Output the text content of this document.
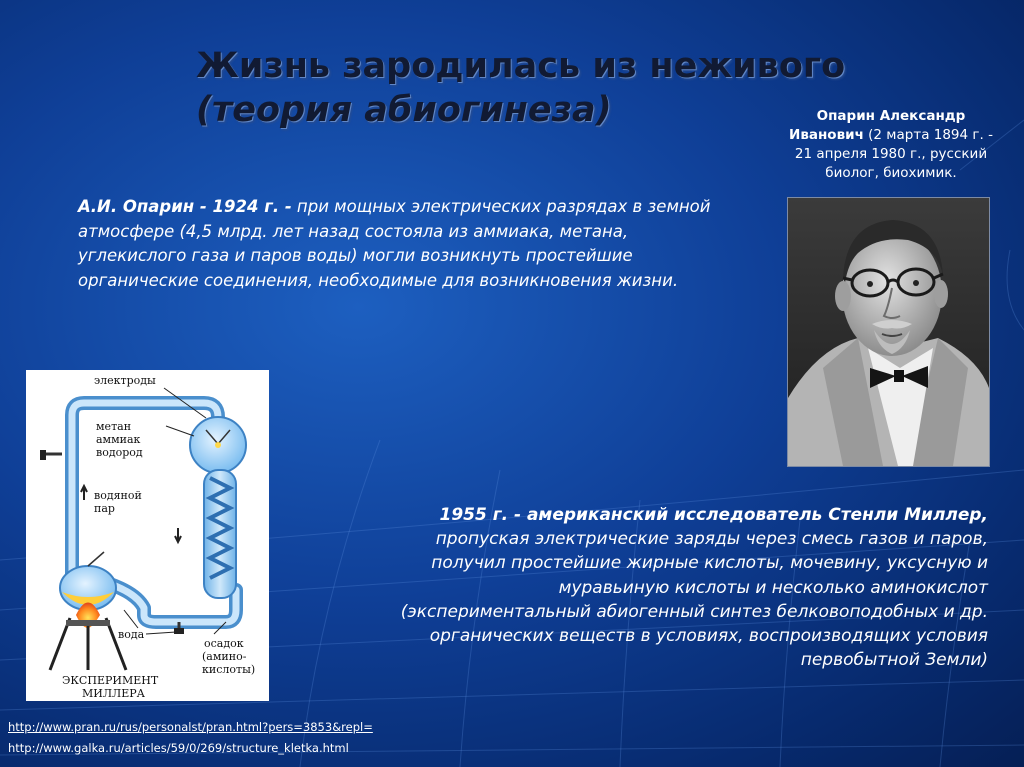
Жизнь зародилась из неживого
(теория абиогинеза)	Опарин Александр Иванович (2 марта 1894 г. - 21 апреля 1980 г., русский биолог, биохимик.
А.И. Опарин - 1924 г. - при мощных электрических разрядах в земной атмосфере (4,5 млрд. лет назад состояла из аммиака, метана, углекислого газа и паров воды) могли возникнуть простейшие органические соединения, необходимые для возникновения жизни.
электроды
метан
аммиак
водород
водяной
пар
вода
осадок
(амино-
кислоты)
ЭКСПЕРИМЕНТ
МИЛЛЕРА
1955 г. - американский исследователь Стенли Миллер,
пропуская электрические заряды через смесь газов и паров,
получил простейшие жирные кислоты, мочевину, уксусную и
муравьиную кислоты и несколько аминокислот
(экспериментальный абиогенный синтез белковоподобных и др.
органических веществ в условиях, воспроизводящих условия
первобытной Земли)
http://www.pran.ru/rus/personalst/pran.html?pers=3853&repl=
http://www.galka.ru/articles/59/0/269/structure_kletka.html
